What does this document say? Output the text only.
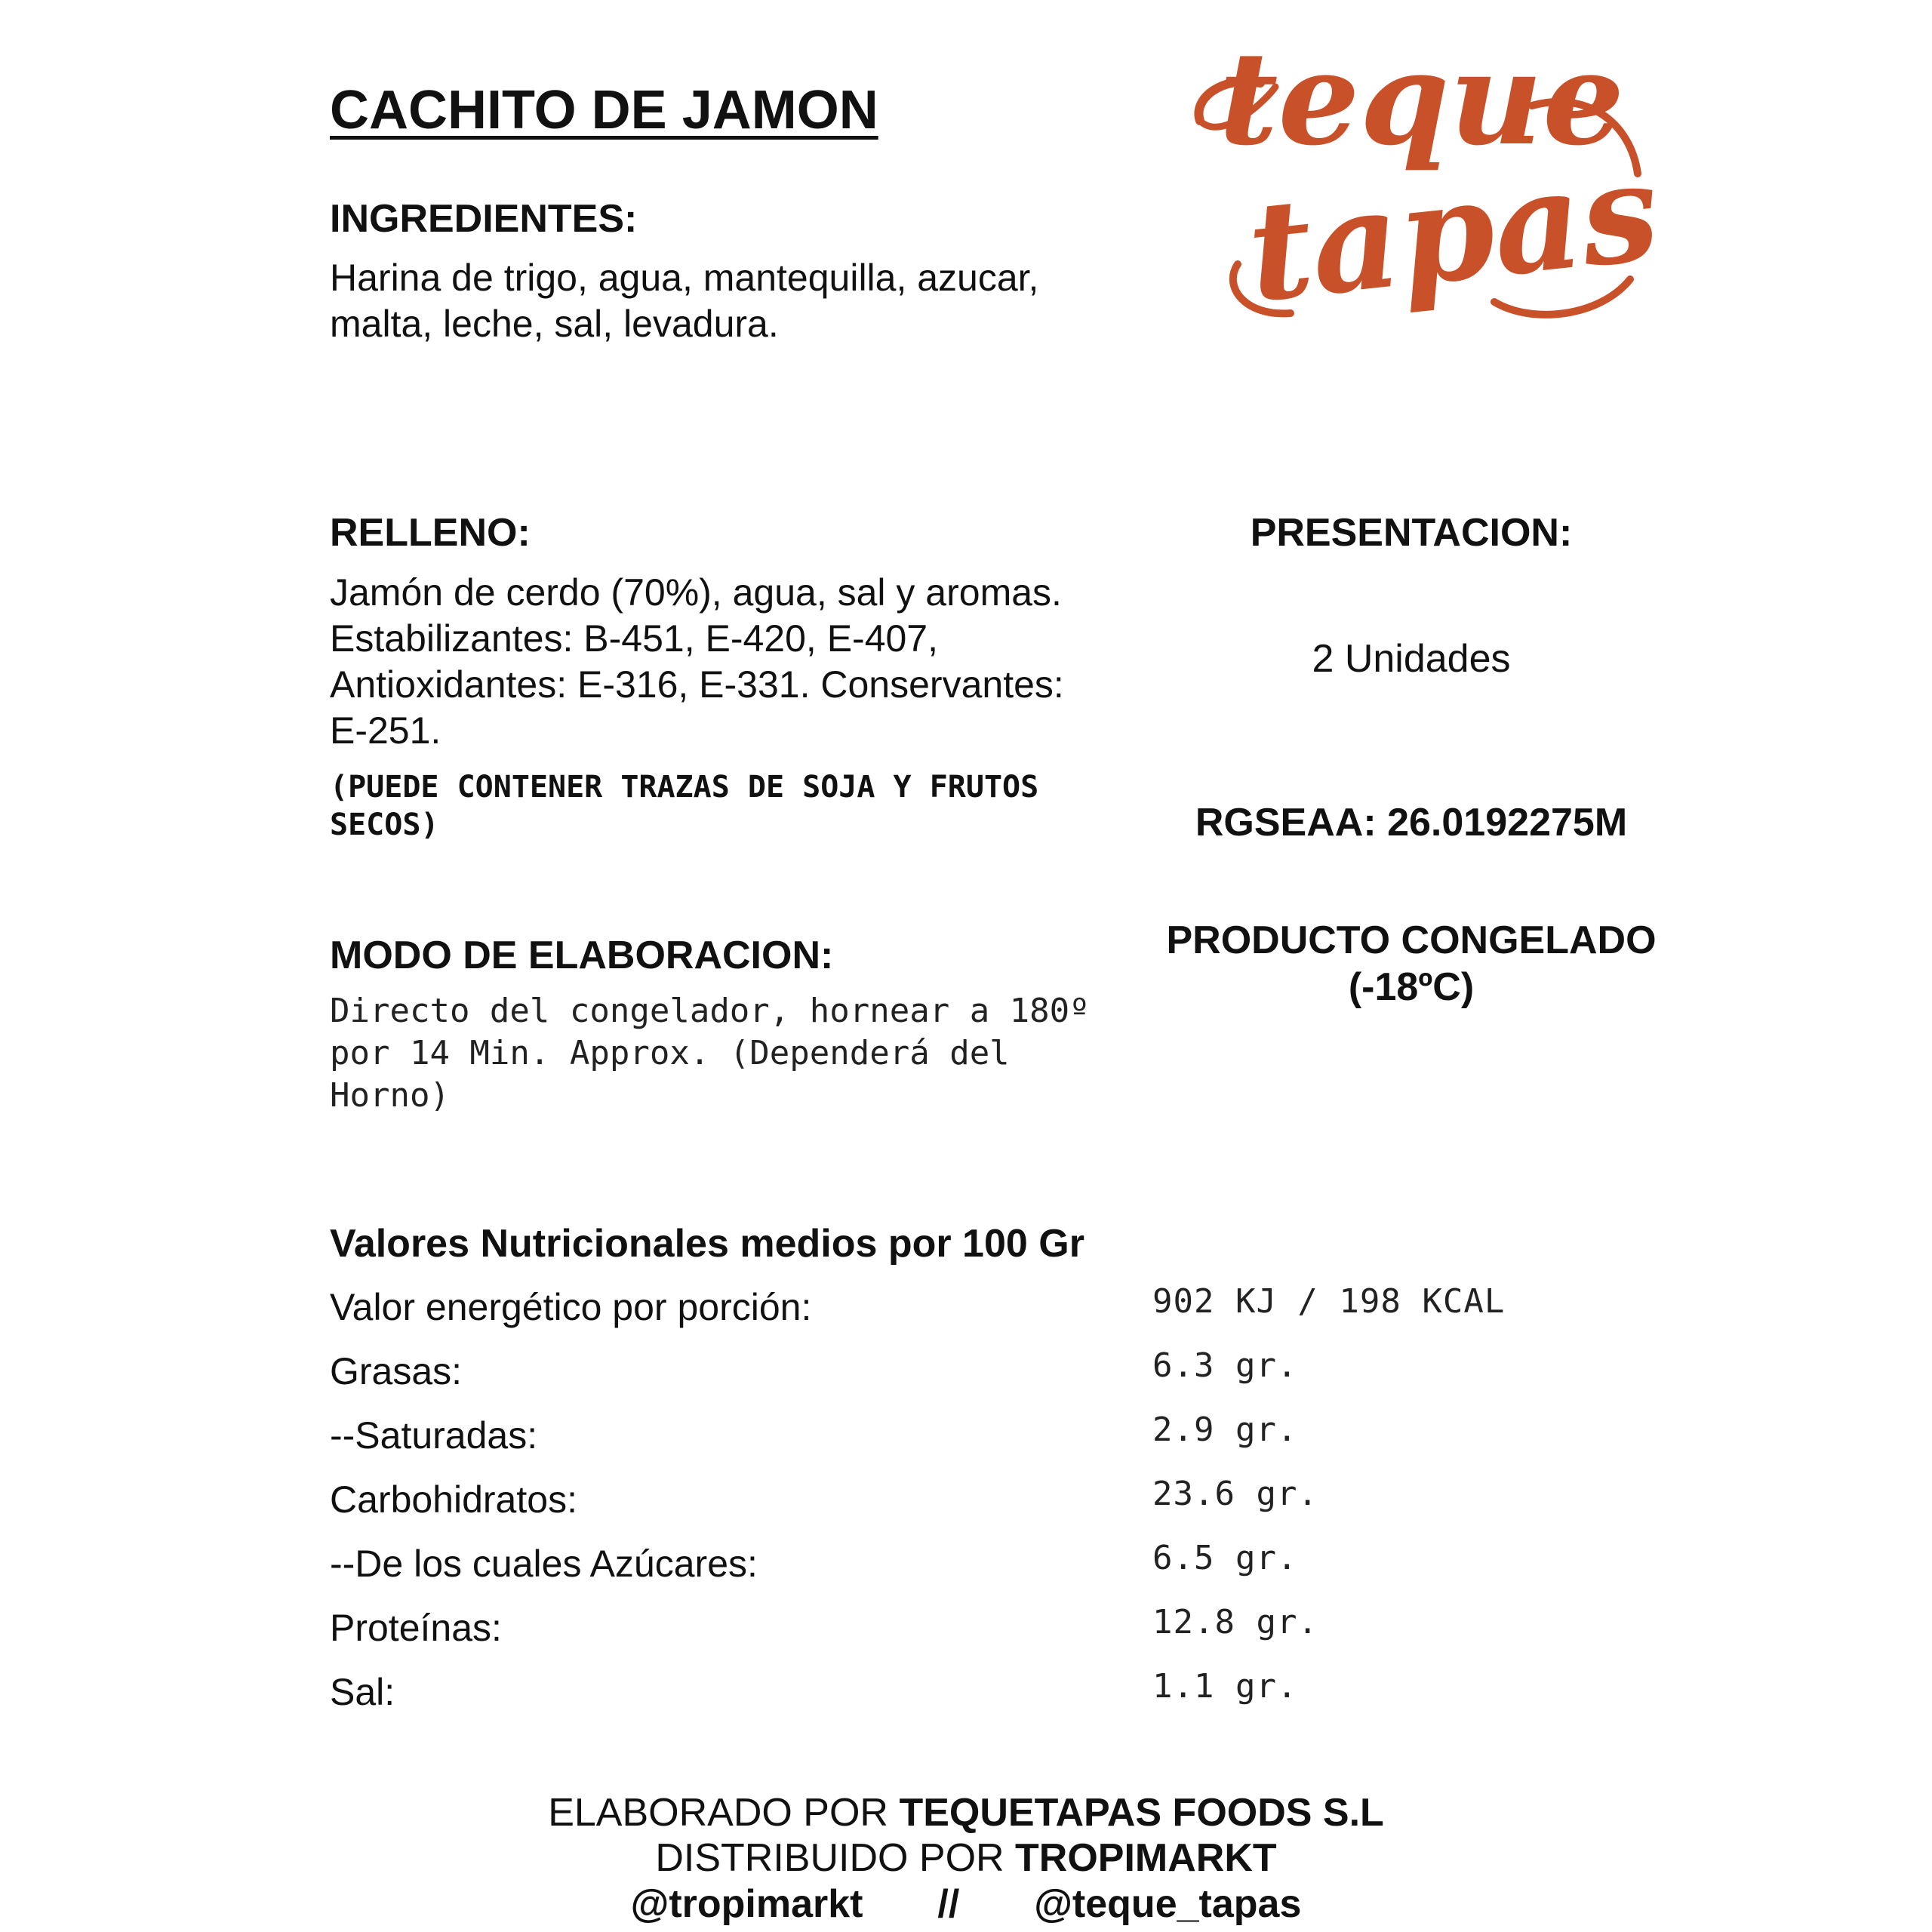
CACHITO DE JAMON	teque
tapas
INGREDIENTES:
Harina de trigo, agua, mantequilla, azucar,
malta, leche, sal, levadura.
RELLENO:
Jamón de cerdo (70%), agua, sal y aromas.
Estabilizantes: B-451, E-420, E-407,
Antioxidantes: E-316, E-331. Conservantes:
E-251.
(PUEDE CONTENER TRAZAS DE SOJA Y FRUTOS
SECOS)
PRESENTACION:
2 Unidades
RGSEAA: 26.0192275M
PRODUCTO CONGELADO
(-18ºC)
MODO DE ELABORACION:
Directo del congelador, hornear a 180º
por 14 Min. Approx. (Dependerá del
Horno)
Valores Nutricionales medios por 100 Gr
Valor energético por porción:	902 KJ / 198 KCAL
Grasas:	6.3 gr.
--Saturadas:	2.9 gr.
Carbohidratos:	23.6 gr.
--De los cuales Azúcares:	6.5 gr.
Proteínas:	12.8 gr.
Sal:	1.1 gr.
ELABORADO POR TEQUETAPAS FOODS S.L
DISTRIBUIDO POR TROPIMARKT
@tropimarkt // @teque_tapas
